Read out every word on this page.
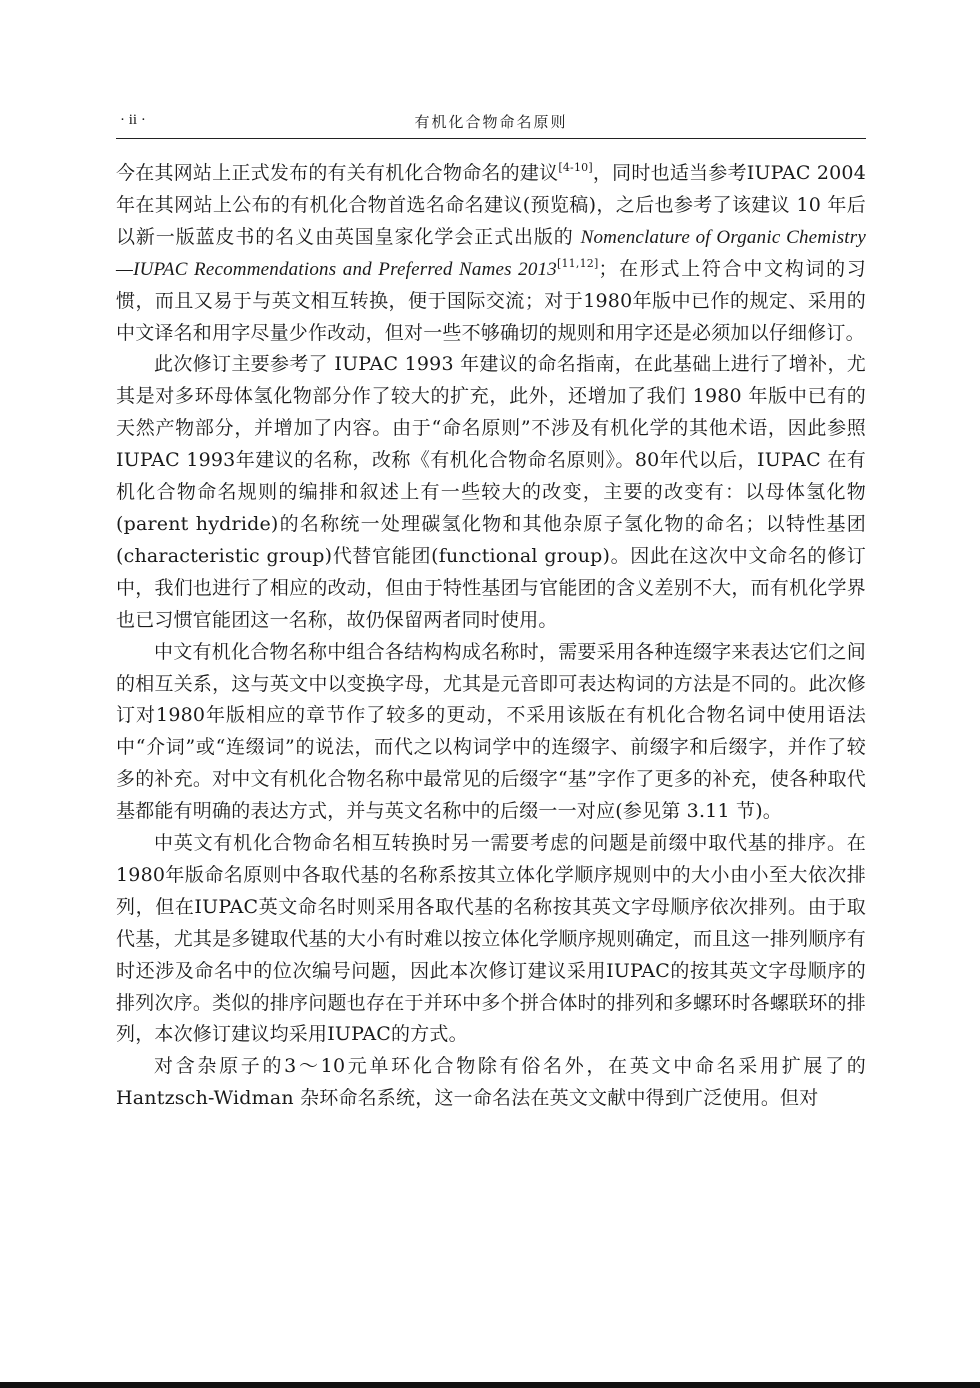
· ii ·	有机化合物命名原则

今在其网站上正式发布的有关有机化合物命名的建议[4-10]，同时也适当参考IUPAC 2004年在其网站上公布的有机化合物首选名命名建议(预览稿)，之后也参考了该建议 10 年后以新一版蓝皮书的名义由英国皇家化学会正式出版的 Nomenclature of Organic Chemistry —IUPAC Recommendations and Preferred Names 2013[11,12]；在形式上符合中文构词的习惯，而且又易于与英文相互转换，便于国际交流；对于1980年版中已作的规定、采用的中文译名和用字尽量少作改动，但对一些不够确切的规则和用字还是必须加以仔细修订。

此次修订主要参考了 IUPAC 1993 年建议的命名指南，在此基础上进行了增补，尤其是对多环母体氢化物部分作了较大的扩充，此外，还增加了我们 1980 年版中已有的天然产物部分，并增加了内容。由于“命名原则”不涉及有机化学的其他术语，因此参照IUPAC 1993年建议的名称，改称《有机化合物命名原则》。80年代以后，IUPAC 在有机化合物命名规则的编排和叙述上有一些较大的改变，主要的改变有：以母体氢化物(parent hydride)的名称统一处理碳氢化物和其他杂原子氢化物的命名；以特性基团(characteristic group)代替官能团(functional group)。因此在这次中文命名的修订中，我们也进行了相应的改动，但由于特性基团与官能团的含义差别不大，而有机化学界也已习惯官能团这一名称，故仍保留两者同时使用。

中文有机化合物名称中组合各结构构成名称时，需要采用各种连缀字来表达它们之间的相互关系，这与英文中以变换字母，尤其是元音即可表达构词的方法是不同的。此次修订对1980年版相应的章节作了较多的更动，不采用该版在有机化合物名词中使用语法中“介词”或“连缀词”的说法，而代之以构词学中的连缀字、前缀字和后缀字，并作了较多的补充。对中文有机化合物名称中最常见的后缀字“基”字作了更多的补充，使各种取代基都能有明确的表达方式，并与英文名称中的后缀一一对应(参见第 3.11 节)。

中英文有机化合物命名相互转换时另一需要考虑的问题是前缀中取代基的排序。在1980年版命名原则中各取代基的名称系按其立体化学顺序规则中的大小由小至大依次排列，但在IUPAC英文命名时则采用各取代基的名称按其英文字母顺序依次排列。由于取代基，尤其是多键取代基的大小有时难以按立体化学顺序规则确定，而且这一排列顺序有时还涉及命名中的位次编号问题，因此本次修订建议采用IUPAC的按其英文字母顺序的排列次序。类似的排序问题也存在于并环中多个拼合体时的排列和多螺环时各螺联环的排列，本次修订建议均采用IUPAC的方式。

对含杂原子的3～10元单环化合物除有俗名外，在英文中命名采用扩展了的Hantzsch-Widman 杂环命名系统，这一命名法在英文文献中得到广泛使用。但对
